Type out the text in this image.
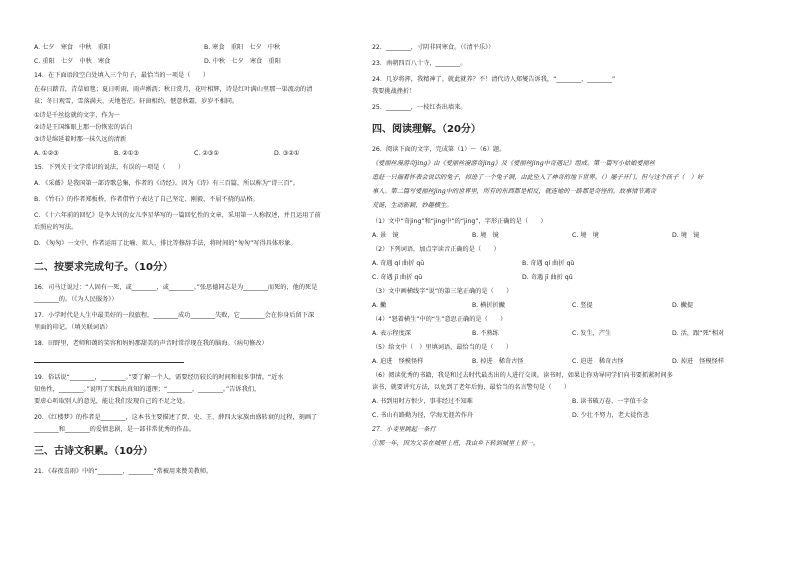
A. 七夕　寒食　中秋　重阳	B. 寒食　重阳　七夕　中秋
C. 重阳　七夕　中秋　寒食	D. 中秋　七夕　寒食　重阳
14．在下面语段空白处填入三个句子，最恰当的一项是（　　）
在春日踏青，青草如毯；夏日听雨，雨声淅沥；秋日赏月，花叶相辉，诗是红叶满山里那一渠流动的清
泉；冬日观雪，雪落满天，天地苍茫。轩窗相约，惬意秋霜，岁岁不相同。
①诗是千丝捻就的文字，作为一
②诗是王国维眼上那一份恢宏的话白
③诗是绵延着时那一抹久远的清新
A. ①②③	B. ②①③	C. ②③①	D. ③②①
15．下列关于文学常识的说法，有误的一项是（　　）
A. 《采薇》是我国第一部诗歌总集，作者的《诗经》。因为《诗》有三百篇，所以称为“诗三百”。
B. 《竹石》的作者郑板桥，作者借竹子表达了自己坚定、刚毅、不屈不挠的品格。
C. 《十六年前的回忆》是李大钊的女儿李星华写的一篇回忆性的文章，采用第一人称叙述，并且运用了前
后照应的写法。
D. 《匆匆》一文中，作者运用了比喻、拟人、排比等修辞手法，将时间的“匆匆”写得具体形象。
二、按要求完成句子。（10分）
16．司马迁说过：“人固有一死，或________，或________。”张思德同志是为________而死的，他的死是
________的。（《为人民服务》）
17．小学时代是人生中最美好的一段旅程，________成功________失败，它________会在你身后留下深
里面的印记。（填关联词语）
18．田野里，老师和蔼的笑容和妈妈那甜美的声音时常浮现在我的脑海。（病句修改）
19．俗话说“________，________。”要了解一个人，需要经历较长的时间和很多事情。“近水
知鱼性，________。”说明了实践出真知的道理；“________，________。”告诉我们，
要虚心听取别人的意见，能让我们发现自己的不足之处。
20．《红楼梦》的作者是________，这本书主要描述了贾、史、王、薛四大家族由盛转衰的过程，刻画了
________和________的爱情悲剧，是一部非常优秀的作品。
三、古诗文积累。（10分）
21．《春夜喜雨》中的“________，________”常被用来赞美教师。
22．________，寸阴非同寒食。（《清平乐》）
23．南朝四百八十寺，________。
24．几岁将挥，我精神了。就此就养？不！清代诗人郑燮告诉我，“________，________”
我要挑战挫折！
25．________，一枝红杏出墙来。
四、阅读理解。（20分）
26．阅读下面的文字，完成第（1）～（6）题。
《爱丽丝漫游奇jing》由《爱丽丝漫游奇jing》及《爱丽丝jing中奇遇记》组成。第一篇写小姑娘爱丽丝
追赶一只揣着怀表会说话的兔子，掉进了一个兔子洞，由此坠入了神奇的地下世界。（）屡子开门，但与这个孩子（　）好
事人。第二篇写爱丽丝jing中的世界里，所有的东西都是相反，就连她的一路都是奇怪的。故事情节离奇
荒诞，生动新颖，妙趣横生。
（1）文中“奇jing”和“jing中”的“jing”，字形正确的是（　　）
A. 景　镜	B. 境　镜	C. 境　境	D. 境　镜
（2）下列词语，加点字读音正确的是（　　）
A. 奇遇 qí 曲折 qū	B. 奇遇 qí 曲折 qǔ
C. 奇遇 jī 曲折 qū	D. 奇遇 jī 曲折 qǔ
（3）文中画横线字“说”的第三笔正确的是（　　）
A. 撇	B. 横折折撇	C. 竖提	D. 撇提
（4）“怒着横生”中的“生”意思正确的是（　　）
A. 表示程度深	B. 不熟练	C. 发生，产生	D. 活，跟“死”相对
（5）给文中（　）里填词语，最恰当的是（　　）
A. 迫进　怪模怪样	B. 掉进　稀奇古怪	C. 迫进　稀奇古怪	D. 掉进　怪模怪样
（6）阅读优秀的书籍，我是和过去时代最杰出的人进行交谈。读书时，如果让你劝导同学们向书要抓紧时间多
读书，就要讲究方法，以免到了老年后悔，最恰当的名言警句是（　　）
A. 书到用时方恨少，事非经过不知难	B. 读书破万卷，一字值千金
C. 书山有路勤为径，学海无涯苦作舟	D. 少壮不努力，老大徒伤悲
27．小麦里跳起一条行
①那一年，因为父亲在城里上班，我由乡下转到城里上初一。
